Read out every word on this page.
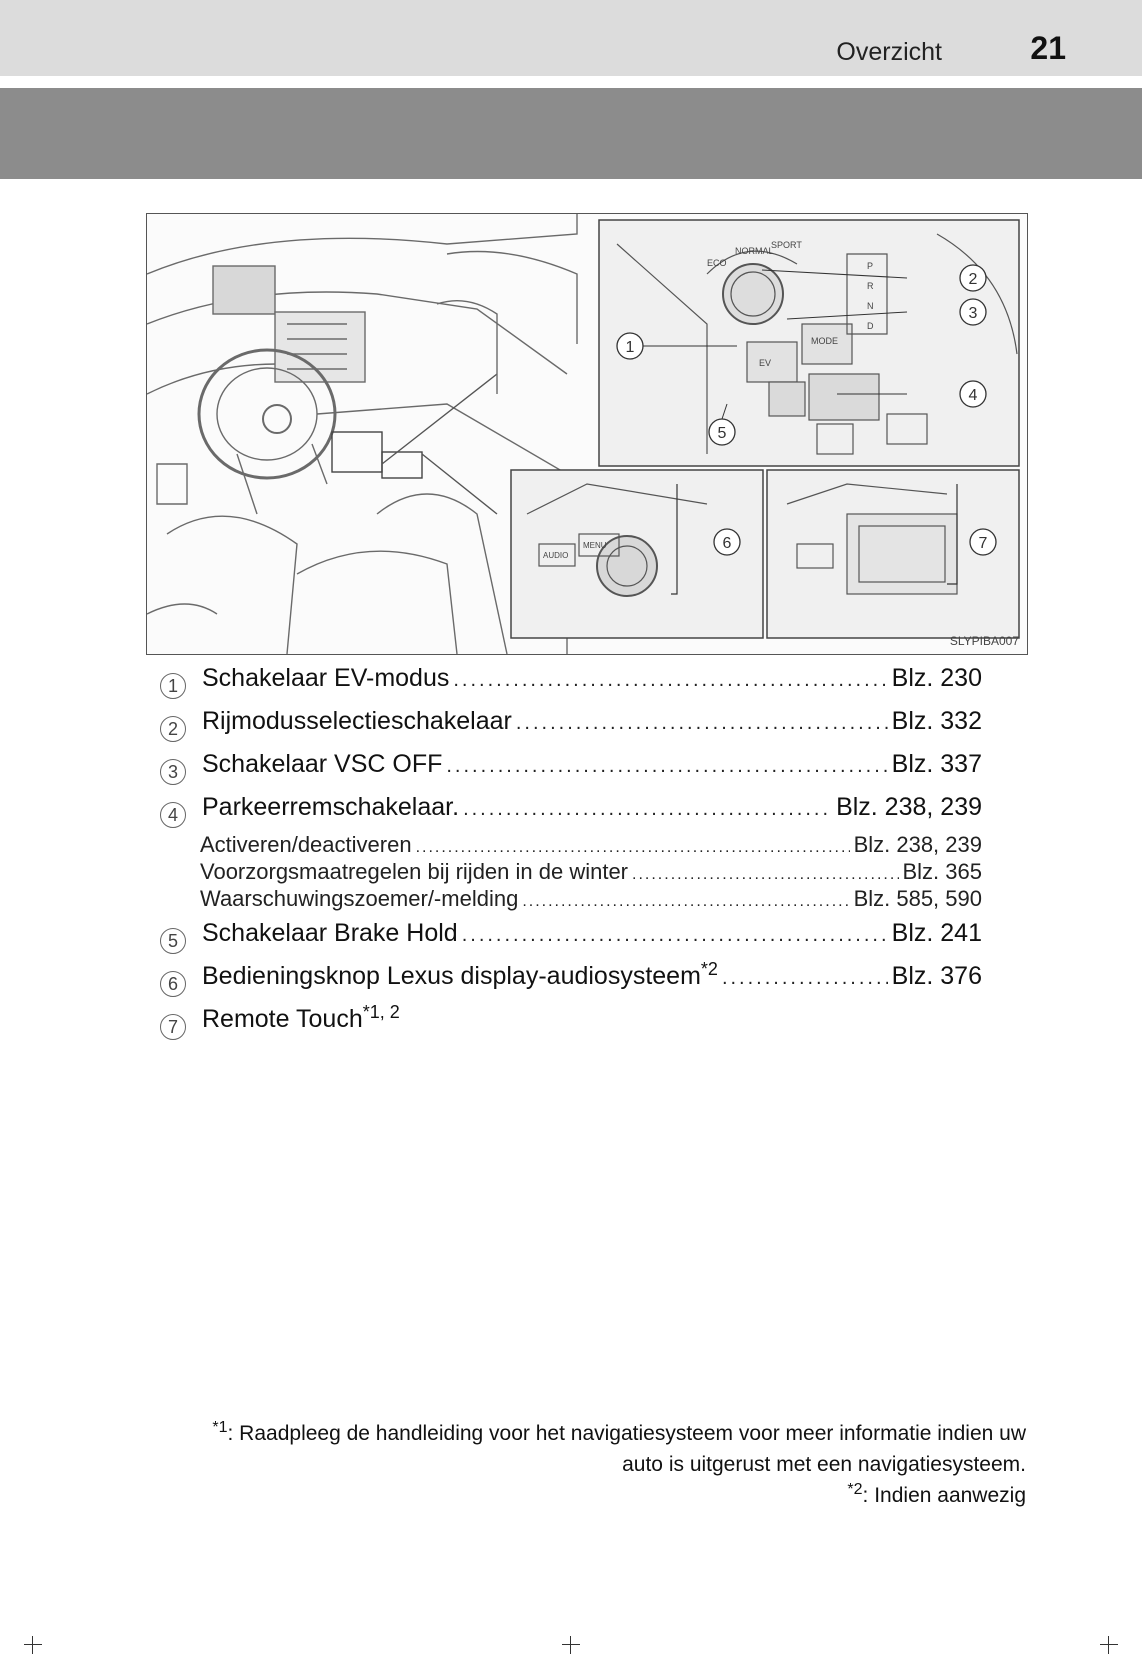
Overzicht	21
EV
MODE
P
R
N
D
ECO
NORMAL
SPORT
AUDIO
MENU
1
2
3
4
5
6	7
SLYPIBA007
1 Schakelaar EV-modus .....	Blz. 230
2 Rijmodusselectieschakelaar .....	Blz. 332
3 Schakelaar VSC OFF .....	Blz. 337
4 Parkeerremschakelaar. .....	Blz. 238, 239
Activeren/deactiveren .....	Blz. 238, 239
Voorzorgsmaatregelen bij rijden in de winter .....	Blz. 365
Waarschuwingszoemer/-melding .....	Blz. 585, 590
5 Schakelaar Brake Hold .....	Blz. 241
6 Bedieningsknop Lexus display-audiosysteem$^{*2}$ .....	Blz. 376
7 Remote Touch$^{*1, 2}$
$^{*1}$: Raadpleeg de handleiding voor het navigatiesysteem voor meer informatie indien uw
auto is uitgerust met een navigatiesysteem.
$^{*2}$: Indien aanwezig
